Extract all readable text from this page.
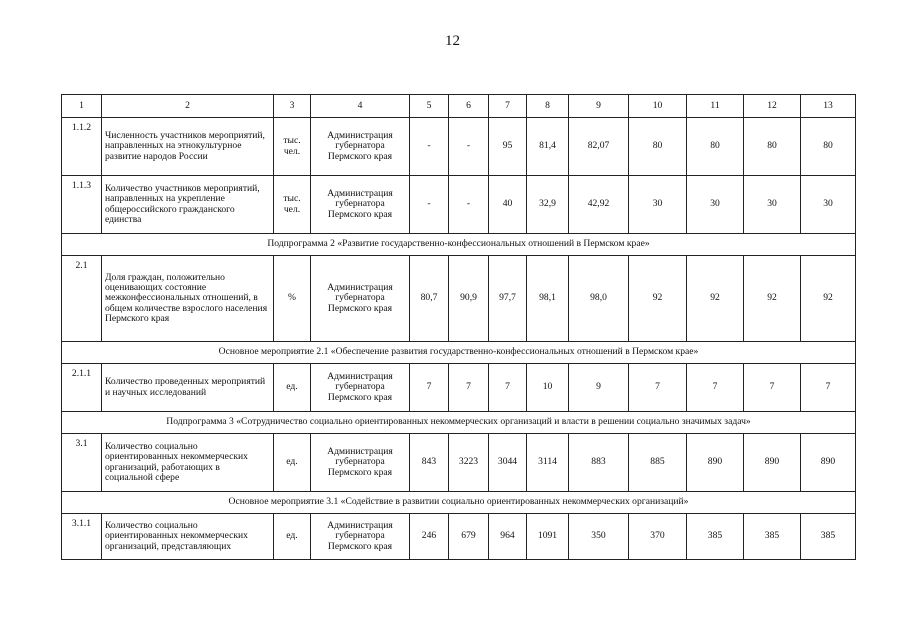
12
1	2	3	4	5	6	7	8	9	10	11	12	13
1.1.2	Численность участников мероприятий, направленных на этнокультурное развитие народов России	тыс. чел.	Администрация губернатора Пермского края	-	-	95	81,4	82,07	80	80	80	80
1.1.3	Количество участников мероприятий, направленных на укрепление общероссийского гражданского единства	тыс. чел.	Администрация губернатора Пермского края	-	-	40	32,9	42,92	30	30	30	30
Подпрограмма 2 «Развитие государственно-конфессиональных отношений в Пермском крае»												
2.1	Доля граждан, положительно оценивающих состояние межконфессиональных отношений, в общем количестве взрослого населения Пермского края	%	Администрация губернатора Пермского края	80,7	90,9	97,7	98,1	98,0	92	92	92	92
Основное мероприятие 2.1 «Обеспечение развития государственно-конфессиональных отношений в Пермском крае»												
2.1.1	Количество проведенных мероприятий и научных исследований	ед.	Администрация губернатора Пермского края	7	7	7	10	9	7	7	7	7
Подпрограмма 3 «Сотрудничество социально ориентированных некоммерческих организаций и власти в решении социально значимых задач»												
3.1	Количество социально ориентированных некоммерческих организаций, работающих в социальной сфере	ед.	Администрация губернатора Пермского края	843	3223	3044	3114	883	885	890	890	890
Основное мероприятие 3.1 «Содействие в развитии социально ориентированных некоммерческих организаций»												
3.1.1	Количество социально ориентированных некоммерческих организаций, представляющих	ед.	Администрация губернатора Пермского края	246	679	964	1091	350	370	385	385	385
